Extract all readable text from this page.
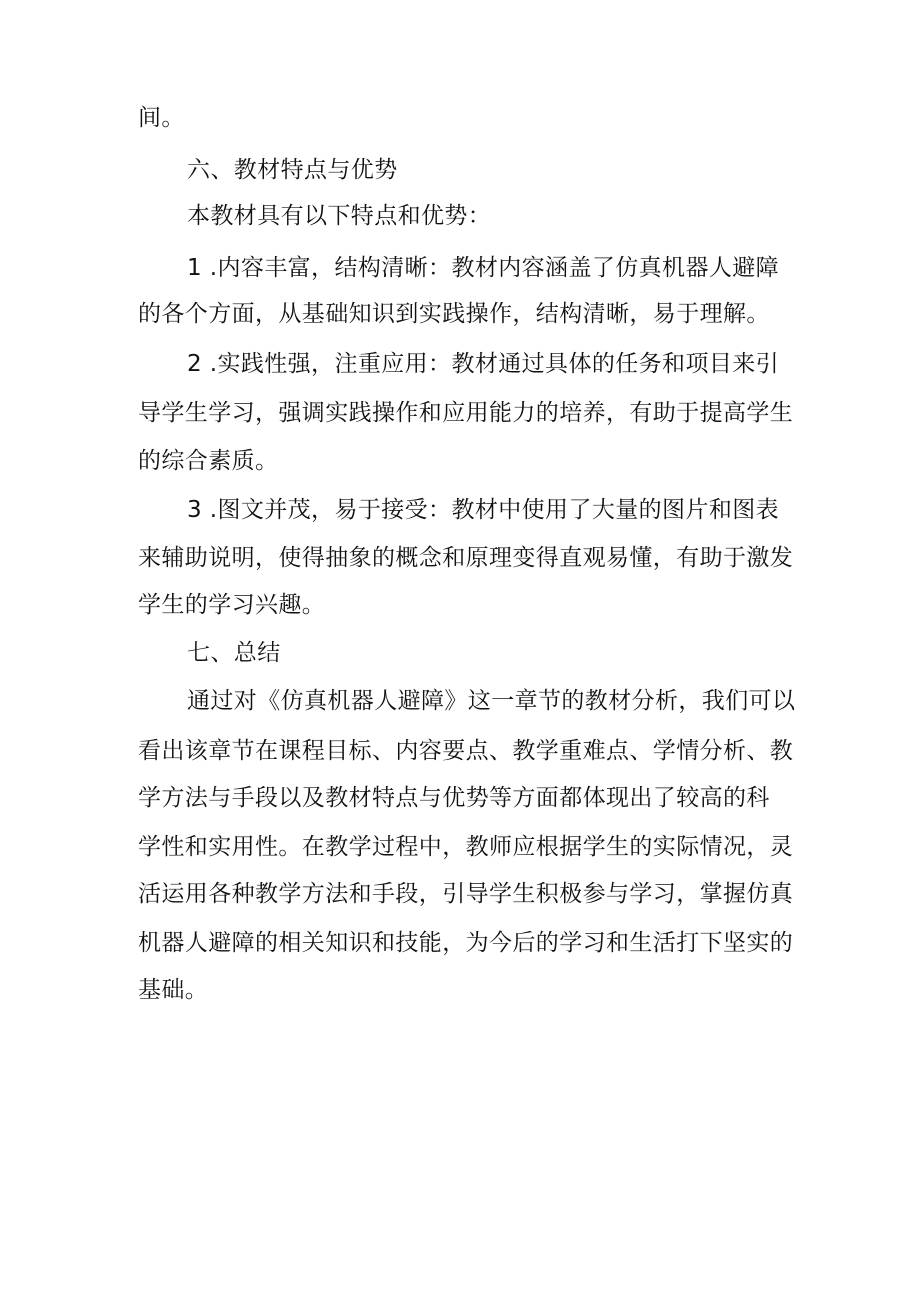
间。
六、教材特点与优势
本教材具有以下特点和优势：
1 .内容丰富，结构清晰：教材内容涵盖了仿真机器人避障
的各个方面，从基础知识到实践操作，结构清晰，易于理解。
2 .实践性强，注重应用：教材通过具体的任务和项目来引
导学生学习，强调实践操作和应用能力的培养，有助于提高学生
的综合素质。
3 .图文并茂，易于接受：教材中使用了大量的图片和图表
来辅助说明，使得抽象的概念和原理变得直观易懂，有助于激发
学生的学习兴趣。
七、总结
通过对《仿真机器人避障》这一章节的教材分析，我们可以
看出该章节在课程目标、内容要点、教学重难点、学情分析、教
学方法与手段以及教材特点与优势等方面都体现出了较高的科
学性和实用性。在教学过程中，教师应根据学生的实际情况，灵
活运用各种教学方法和手段，引导学生积极参与学习，掌握仿真
机器人避障的相关知识和技能，为今后的学习和生活打下坚实的
基础。
